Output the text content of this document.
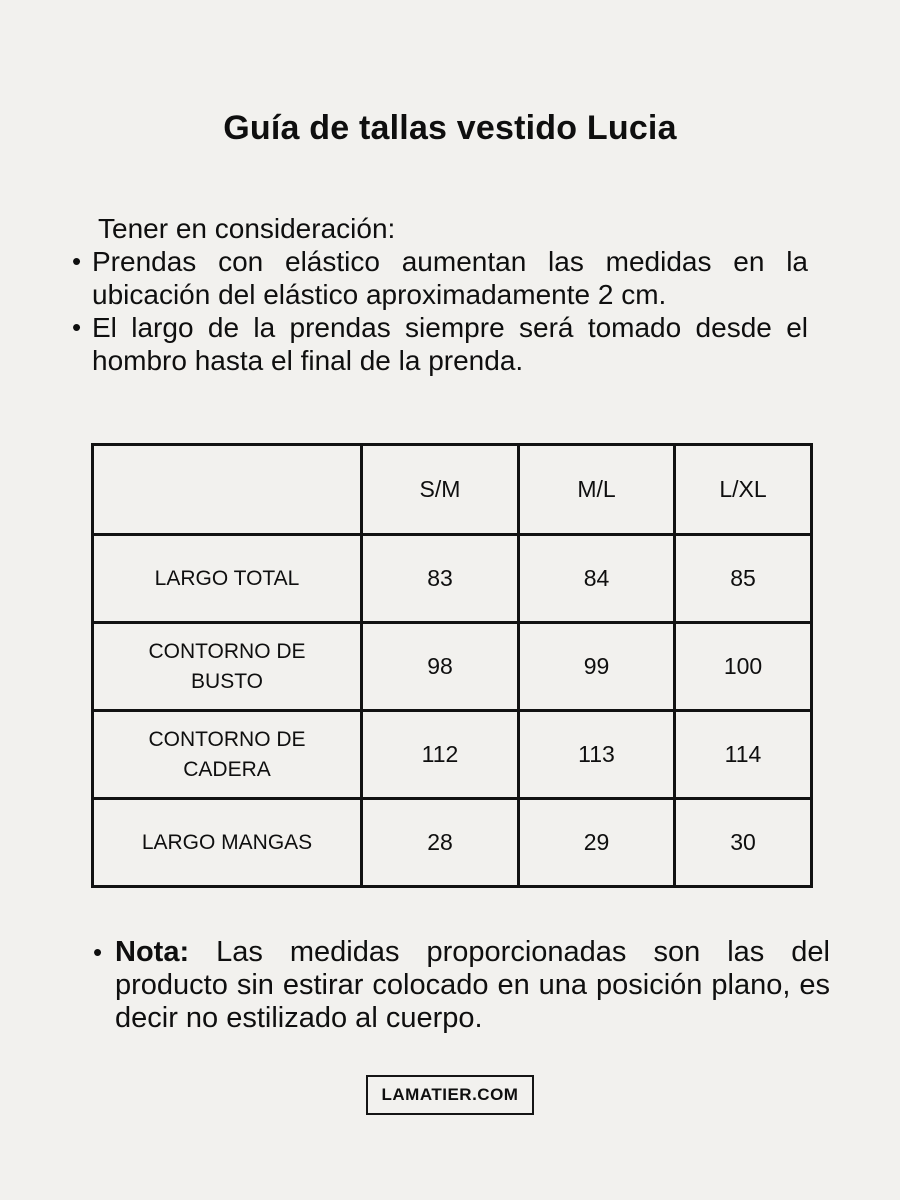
Guía de tallas vestido Lucia

Tener en consideración:

• Prendas con elástico aumentan las medidas en la ubicación del elástico aproximadamente 2 cm.
• El largo de la prendas siempre será tomado desde el hombro hasta el final de la prenda.
	S/M	M/L	L/XL
LARGO TOTAL	83	84	85
CONTORNO DE BUSTO	98	99	100
CONTORNO DE CADERA	112	113	114
LARGO MANGAS	28	29	30
• Nota: Las medidas proporcionadas son las del producto sin estirar colocado en una posición plano, es decir no estilizado al cuerpo.
LAMATIER.COM
